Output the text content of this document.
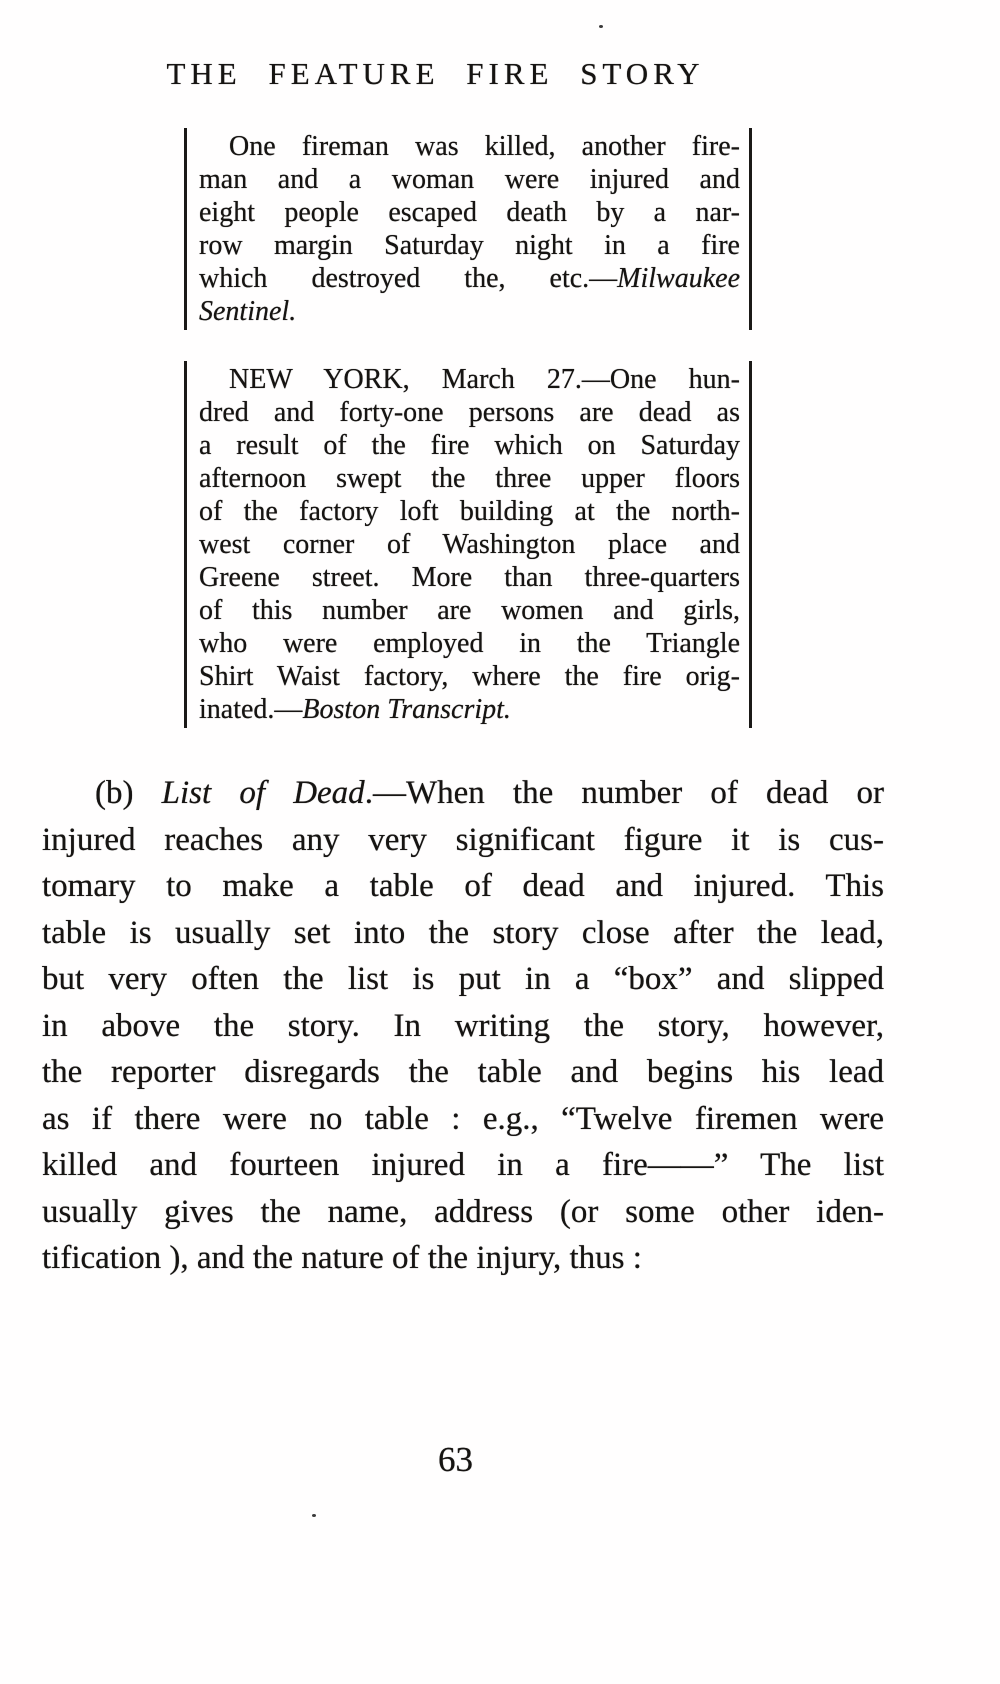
THE FEATURE FIRE STORY
One fireman was killed, another fire-
man and a woman were injured and
eight people escaped death by a nar-
row margin Saturday night in a fire
which destroyed the, etc.—Milwaukee
Sentinel.
NEW YORK, March 27.—One hun-
dred and forty-one persons are dead as
a result of the fire which on Saturday
afternoon swept the three upper floors
of the factory loft building at the north-
west corner of Washington place and
Greene street. More than three-quarters
of this number are women and girls,
who were employed in the Triangle
Shirt Waist factory, where the fire orig-
inated.—Boston Transcript.
(b) List of Dead.—When the number of dead or
injured reaches any very significant figure it is cus-
tomary to make a table of dead and injured. This
table is usually set into the story close after the lead,
but very often the list is put in a “box” and slipped
in above the story. In writing the story, however,
the reporter disregards the table and begins his lead
as if there were no table : e.g., “Twelve firemen were
killed and fourteen injured in a fire——” The list
usually gives the name, address (or some other iden-
tification ), and the nature of the injury, thus :
63
